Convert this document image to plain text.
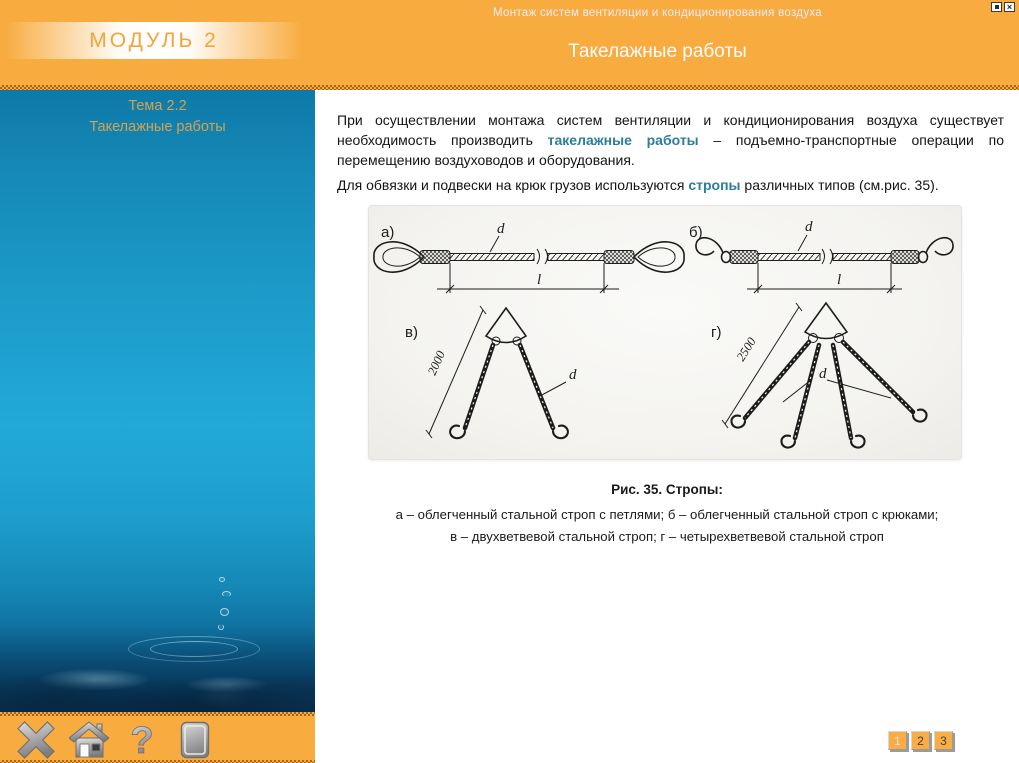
Монтаж систем вентиляции и кондиционирования воздуха
МОДУЛЬ 2	Такелажные работы
×
Тема 2.2
Такелажные работы
?

При осуществлении монтажа систем вентиляции и кондиционирования воздуха существует необходимость производить такелажные работы – подъемно-транспортные операции по перемещению воздуховодов и оборудования.

Для обвязки и подвески на крюк грузов используются стропы различных типов (см.рис. 35).

а)	d
l
б)	d
l
в)
2000	d
г)
2500
d
Рис. 35. Стропы:
а – облегченный стальной строп с петлями; б – облегченный стальной строп с крюками;
в – двухветвевой стальной строп; г – четырехветвевой стальной строп
1	2	3
